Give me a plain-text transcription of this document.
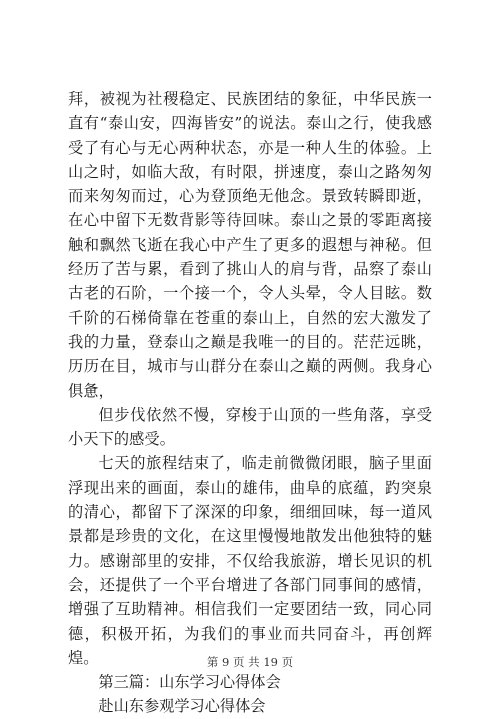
拜，被视为社稷稳定、民族团结的象征，中华民族一直有“泰山安，四海皆安”的说法。泰山之行，使我感受了有心与无心两种状态，亦是一种人生的体验。上山之时，如临大敌，有时限，拼速度，泰山之路匆匆而来匆匆而过，心为登顶绝无他念。景致转瞬即逝，在心中留下无数背影等待回味。泰山之景的零距离接触和飘然飞逝在我心中产生了更多的遐想与神秘。但经历了苦与累，看到了挑山人的肩与背，品察了泰山古老的石阶，一个接一个，令人头晕，令人目眩。数千阶的石梯倚靠在苍重的泰山上，自然的宏大激发了我的力量，登泰山之巅是我唯一的目的。茫茫远眺，历历在目，城市与山群分在泰山之巅的两侧。我身心俱惫，

但步伐依然不慢，穿梭于山顶的一些角落，享受小天下的感受。

七天的旅程结束了，临走前微微闭眼，脑子里面浮现出来的画面，泰山的雄伟，曲阜的底蕴，趵突泉的清心，都留下了深深的印象，细细回味，每一道风景都是珍贵的文化，在这里慢慢地散发出他独特的魅力。感谢部里的安排，不仅给我旅游，增长见识的机会，还提供了一个平台增进了各部门同事间的感情，增强了互助精神。相信我们一定要团结一致，同心同德，积极开拓，为我们的事业而共同奋斗，再创辉煌。

第三篇：山东学习心得体会

赴山东参观学习心得体会

第 9 页 共 19 页
